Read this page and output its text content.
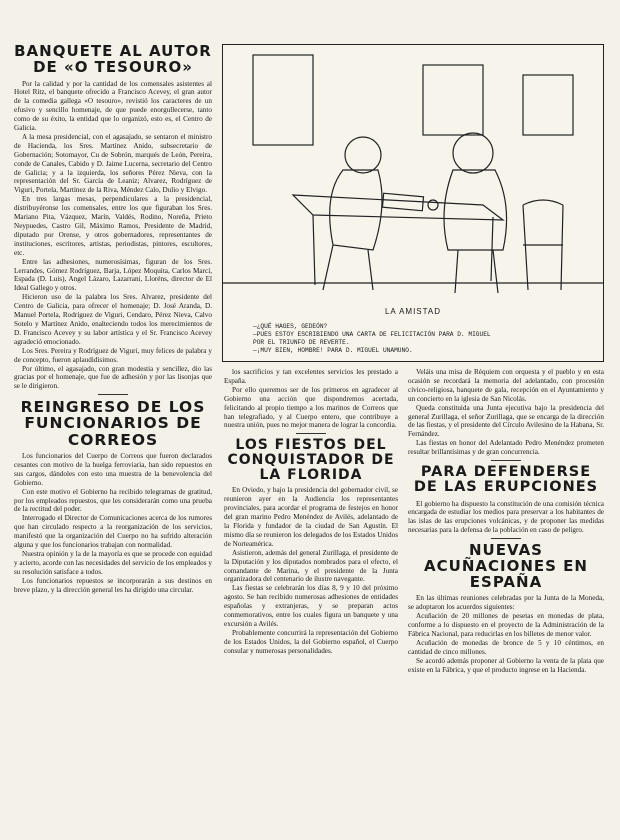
BANQUETE AL AUTOR DE «O TESOURO»

Por la calidad y por la cantidad de los comensales asistentes al Hotel Ritz, el banquete ofrecido a Francisco Acevey, el gran autor de la comedia gallega «O tesouro», revistió los caracteres de un efusivo y sencillo homenaje, de que puede enorgullecerse, tanto como de su éxito, la entidad que lo organizó, esto es, el Centro de Galicia.

A la mesa presidencial, con el agasajado, se sentaron el ministro de Hacienda, los Sres. Martínez Anido, subsecretario de Gobernación; Sotomayor, Cu de Sobrón, marqués de León, Pereira, conde de Canales, Cabido y D. Jaime Lucerna, secretario del Centro de Galicia; y a la izquierda, los señores Pérez Nieva, con la representación del Sr. García de Leaniz; Alvarez, Rodríguez de Viguri, Portela, Martínez de la Riva, Méndez Calo, Dulio y Elvigo.

En tres largas mesas, perpendiculares a la presidencial, distribuyéronse los comensales, entre los que figuraban los Sres. Mariano Pita, Vázquez, Marín, Valdés, Rodino, Noreña, Prieto Neypuedes, Castro Gil, Máximo Ramos, Presidente de Madrid, diputado por Orense, y otros gobernadores, representantes de instituciones, escritores, artistas, periodistas, pintores, escultores, etc.

Entre las adhesiones, numerosísimas, figuran de los Sres. Lerrandes, Gómez Rodríguez, Barja, López Moquita, Carlos Marcí, Espada (D. Luis), Angel Lázaro, Lazarrani, Lloréns, director de El Ideal Gallego y otros.

Hicieron uso de la palabra los Sres. Alvarez, presidente del Centro de Galicia, para ofrecer el homenaje; D. José Aranda, D. Manuel Portela, Rodríguez de Viguri, Cendaro, Pérez Nieva, Calvo Sotelo y Martínez Anido, enalteciendo todos los merecimientos de D. Francisco Acevey y su labor artística y el Sr. Francisco Acevey agradeció emocionado.

Los Sres. Pereira y Rodríguez de Viguri, muy felices de palabra y de concepto, fueron aplaudidísimos.

Por último, el agasajado, con gran modestia y sencillez, dio las gracias por el homenaje, que fue de adhesión y por las lisonjas que se le dirigieron.

REINGRESO DE LOS FUNCIONARIOS DE CORREOS

Los funcionarios del Cuerpo de Correos que fueron declarados cesantes con motivo de la huelga ferroviaria, han sido repuestos en sus cargos, dándoles con esto una muestra de la benevolencia del Gobierno.

Con este motivo el Gobierno ha recibido telegramas de gratitud, por los empleados repuestos, que les considerarán como una prueba de la rectitud del poder.

Interrogado el Director de Comunicaciones acerca de los rumores que han circulado respecto a la reorganización de los servicios, manifestó que la organización del Cuerpo no ha sufrido alteración alguna y que los funcionarios trabajan con normalidad.

Nuestra opinión y la de la mayoría es que se procede con equidad y acierto, acorde con las necesidades del servicio de los empleados y su resolución satisface a todos.

Los funcionarios repuestos se incorporarán a sus destinos en breve plazo, y la dirección general les ha dirigido una circular.

LA AMISTAD
—¿QUÉ HAGES, GEDEÓN?
—PUES ESTOY ESCRIBIENDO UNA CARTA DE FELICITACIÓN PARA D. MIGUEL
POR EL TRIUNFO DE REVERTE.
—¡MUY BIEN, HOMBRE! PARA D. MIGUEL UNAMUNO.

los sacrificios y tan excelentes servicios les prestado a España.

Por ello queremos ser de los primeros en agradecer al Gobierno una acción que dispondremos acertada, felicitando al propio tiempo a los marinos de Correos que han telegrafiado, y al Cuerpo entero, que contribuye a nuestra unión, pues no mejor manera de lograr la concordia.

LOS FIESTOS DEL CONQUISTADOR DE LA FLORIDA

En Oviedo, y bajo la presidencia del gobernador civil, se reunieron ayer en la Audiencia los representantes provinciales, para acordar el programa de festejos en honor del gran marino Pedro Menéndez de Avilés, adelantado de la Florida y fundador de la ciudad de San Agustín. El mismo día se reunieron los delegados de los Estados Unidos de Norteamérica.

Asistieron, además del general Zurillaga, el presidente de la Diputación y los diputados nombrados para el efecto, el comandante de Marina, y el presidente de la Junta organizadora del centenario de ilustre navegante.

Las fiestas se celebrarán los días 8, 9 y 10 del próximo agosto. Se han recibido numerosas adhesiones de entidades españolas y extranjeras, y se preparan actos conmemorativos, entre los cuales figura un banquete y una excursión a Avilés.

Probablemente concurrirá la representación del Gobierno de los Estados Unidos, la del Gobierno español, el Cuerpo consular y numerosas personalidades.

Veláis una misa de Réquiem con orquesta y el pueblo y en esta ocasión se recordará la memoria del adelantado, con procesión cívico-religiosa, banquete de gala, recepción en el Ayuntamiento y un concierto en la iglesia de San Nicolás.

Queda constituida una Junta ejecutiva bajo la presidencia del general Zurillaga, el señor Zurillaga, que se encarga de la dirección de las fiestas, y el presidente del Círculo Avilesino de la Habana, Sr. Fernández.

Las fiestas en honor del Adelantado Pedro Menéndez prometen resultar brillantísimas y de gran concurrencia.

PARA DEFENDERSE DE LAS ERUPCIONES

El gobierno ha dispuesto la constitución de una comisión técnica encargada de estudiar los medios para preservar a los habitantes de las islas de las erupciones volcánicas, y de proponer las medidas necesarias para la defensa de la población en caso de peligro.

NUEVAS ACUÑACIONES EN ESPAÑA

En las últimas reuniones celebradas por la Junta de la Moneda, se adoptaron los acuerdos siguientes:

Acuñación de 20 millones de pesetas en monedas de plata, conforme a lo dispuesto en el proyecto de la Administración de la Fábrica Nacional, para reducirlas en los billetes de menor valor.

Acuñación de monedas de bronce de 5 y 10 céntimos, en cantidad de cinco millones.

Se acordó además proponer al Gobierno la venta de la plata que existe en la Fábrica, y que el producto ingrese en la Hacienda.
